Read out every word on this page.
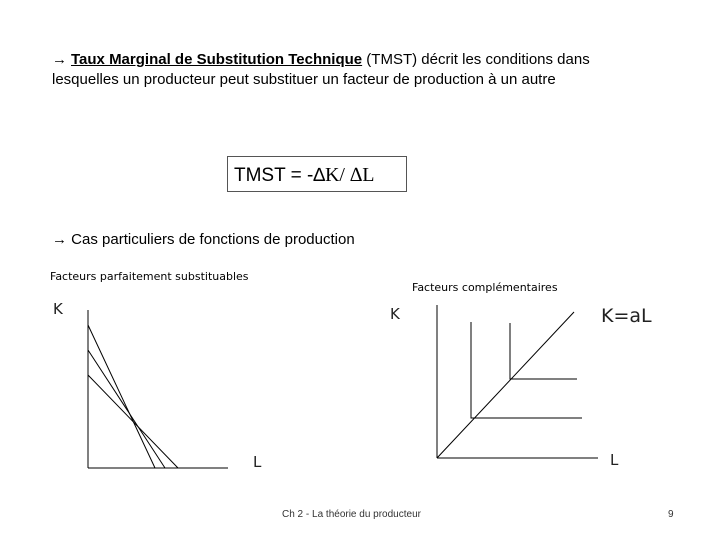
→ Taux Marginal de Substitution Technique (TMST) décrit les conditions dans lesquelles un producteur peut substituer un facteur de production à un autre
TMST = -∆K/ ∆L
→ Cas particuliers de fonctions de production
Facteurs parfaitement substituables
Facteurs complémentaires
K
L
K
L
K=aL
Ch 2 - La théorie du producteur	9
